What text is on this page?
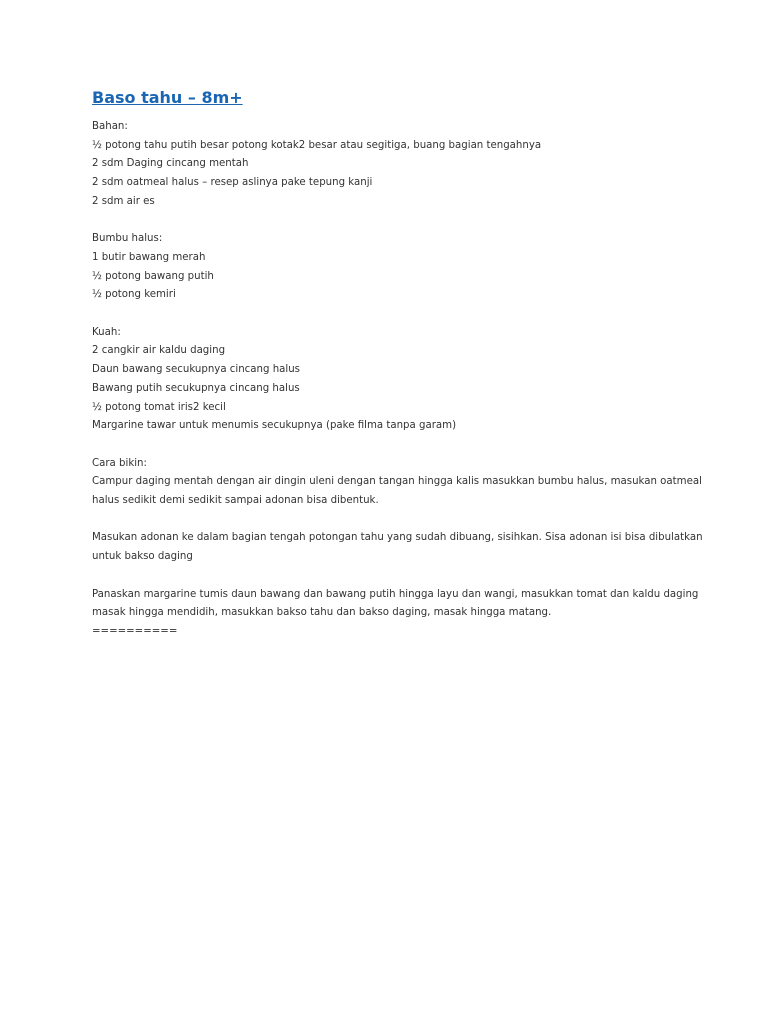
Baso tahu – 8m+
Bahan:
½ potong tahu putih besar potong kotak2 besar atau segitiga, buang bagian tengahnya
2 sdm Daging cincang mentah
2 sdm oatmeal halus – resep aslinya pake tepung kanji
2 sdm air es
Bumbu halus:
1 butir bawang merah
½ potong bawang putih
½ potong kemiri
Kuah:
2 cangkir air kaldu daging
Daun bawang secukupnya cincang halus
Bawang putih secukupnya cincang halus
½ potong tomat iris2 kecil
Margarine tawar untuk menumis secukupnya (pake filma tanpa garam)
Cara bikin:
Campur daging mentah dengan air dingin uleni dengan tangan hingga kalis masukkan bumbu halus, masukan oatmeal
halus sedikit demi sedikit sampai adonan bisa dibentuk.
Masukan adonan ke dalam bagian tengah potongan tahu yang sudah dibuang, sisihkan. Sisa adonan isi bisa dibulatkan
untuk bakso daging
Panaskan margarine tumis daun bawang dan bawang putih hingga layu dan wangi, masukkan tomat dan kaldu daging
masak hingga mendidih, masukkan bakso tahu dan bakso daging, masak hingga matang.
==========
